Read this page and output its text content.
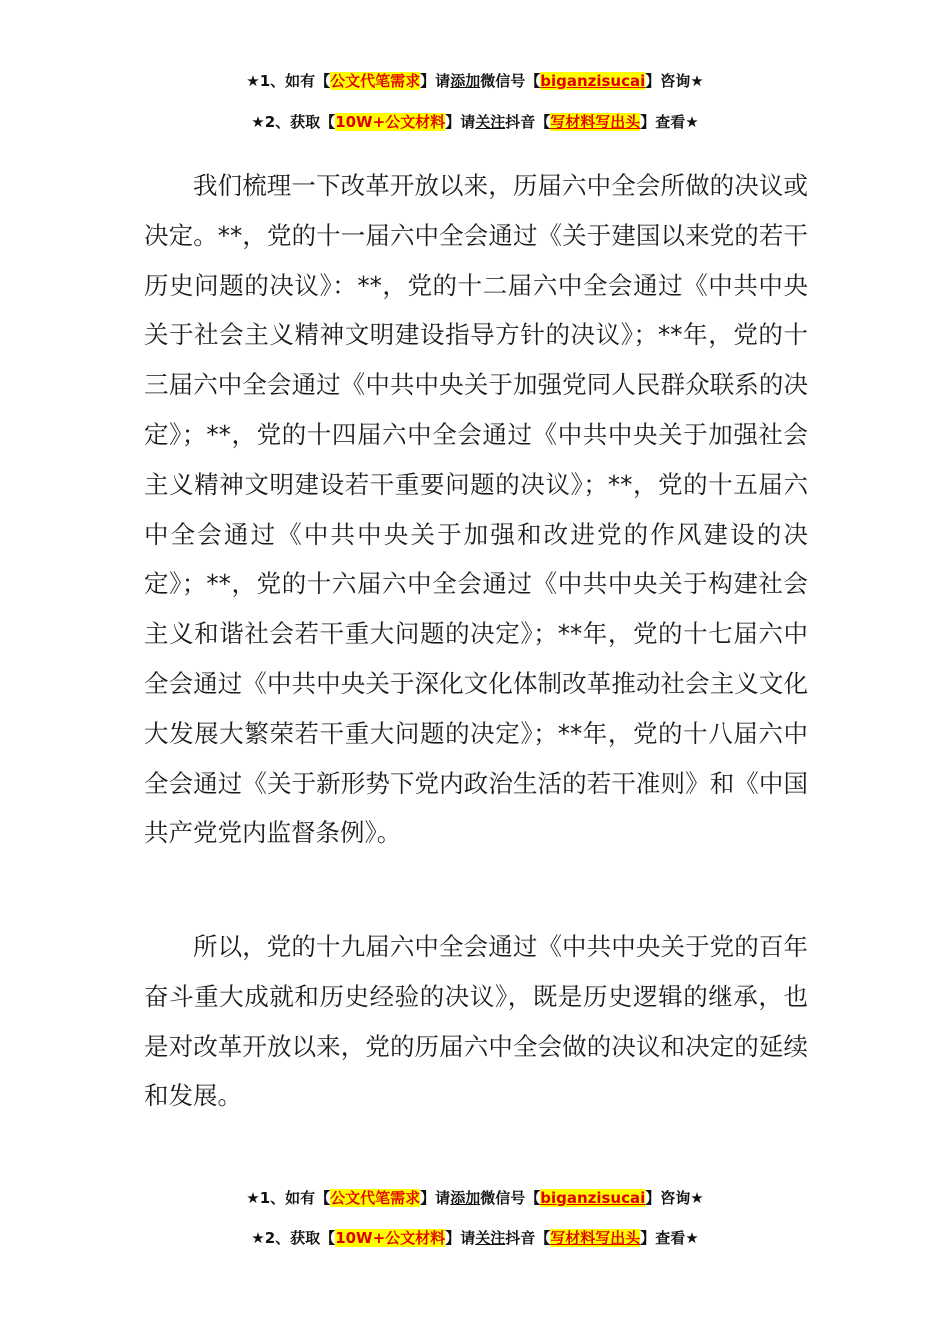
★1、如有【公文代笔需求】请添加微信号【biganzisucai】咨询★
★2、获取【10W+公文材料】请关注抖音【写材料写出头】查看★

我们梳理一下改革开放以来，历届六中全会所做的决议或决定。**，党的十一届六中全会通过《关于建国以来党的若干历史问题的决议》：**，党的十二届六中全会通过《中共中央关于社会主义精神文明建设指导方针的决议》；**年，党的十三届六中全会通过《中共中央关于加强党同人民群众联系的决定》；**，党的十四届六中全会通过《中共中央关于加强社会主义精神文明建设若干重要问题的决议》；**，党的十五届六中全会通过《中共中央关于加强和改进党的作风建设的决定》；**，党的十六届六中全会通过《中共中央关于构建社会主义和谐社会若干重大问题的决定》；**年，党的十七届六中全会通过《中共中央关于深化文化体制改革推动社会主义文化大发展大繁荣若干重大问题的决定》；**年，党的十八届六中全会通过《关于新形势下党内政治生活的若干准则》和《中国共产党党内监督条例》。

所以，党的十九届六中全会通过《中共中央关于党的百年奋斗重大成就和历史经验的决议》，既是历史逻辑的继承，也是对改革开放以来，党的历届六中全会做的决议和决定的延续和发展。

★1、如有【公文代笔需求】请添加微信号【biganzisucai】咨询★
★2、获取【10W+公文材料】请关注抖音【写材料写出头】查看★
